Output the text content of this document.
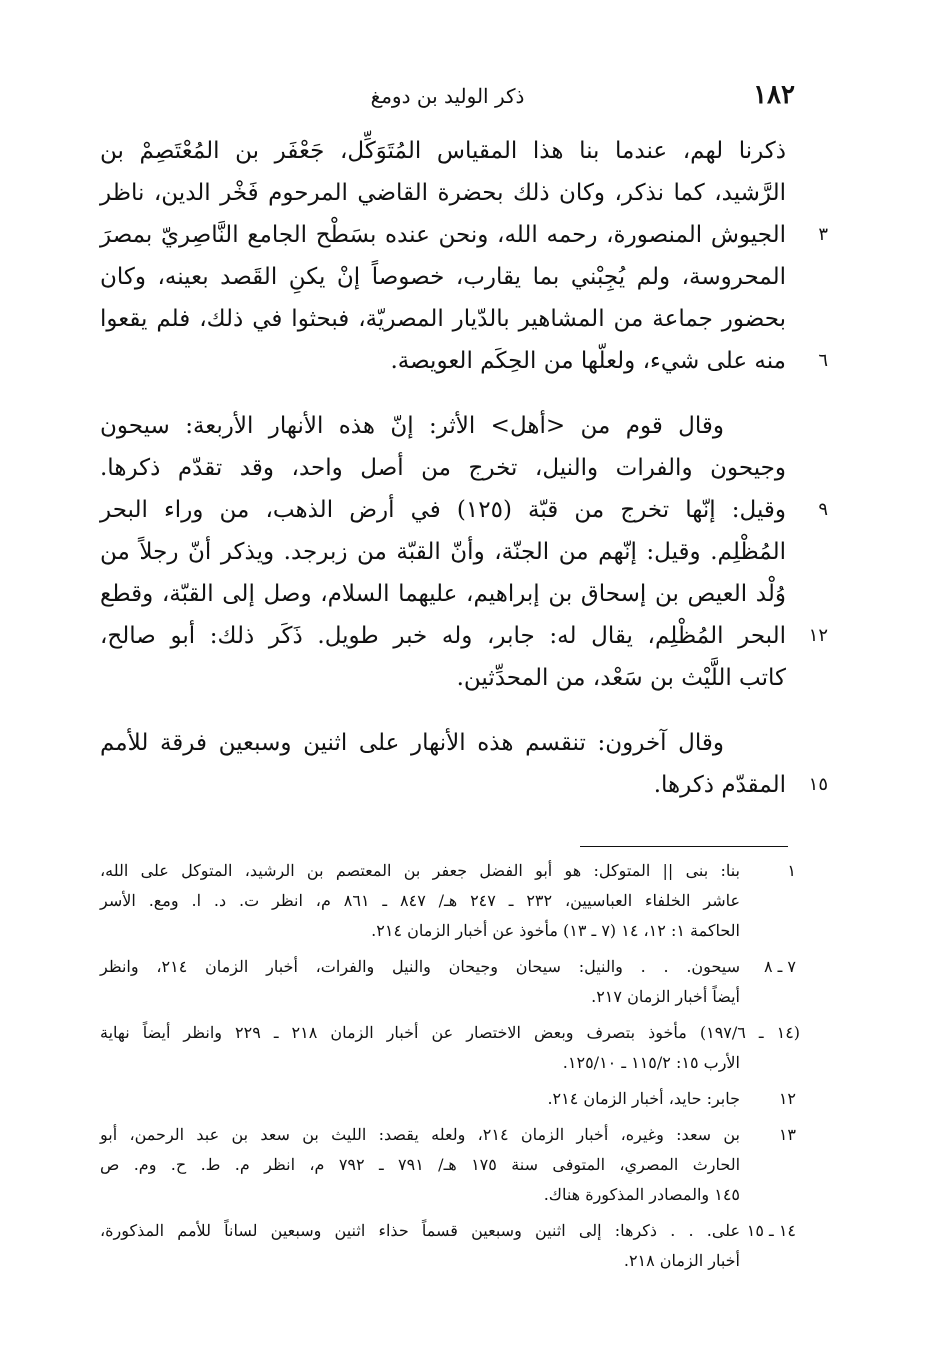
١٨٢
ذكر الوليد بن دومغ
ذكرنا لهم، عندما بنا هذا المقياس المُتَوَكِّل، جَعْفَر بن المُعْتَصِمْ بن
الرَّشيد، كما نذكر، وكان ذلك بحضرة القاضي المرحوم فَخْر الدين، ناظر
٣
الجيوش المنصورة، رحمه الله، ونحن عنده بسَطْح الجامع النَّاصِريّ بمصرَ
المحروسة، ولم يُجِبْني بما يقارب، خصوصاً إنْ يكنِ القَصد بعينه، وكان
بحضور جماعة من المشاهير بالدّيار المصريّة، فبحثوا في ذلك، فلم يقعوا
٦
منه على شيء، ولعلّها من الحِكَم العويصة.
وقال قوم من <أهل> الأثر: إنّ هذه الأنهار الأربعة: سيحون
وجيحون والفرات والنيل، تخرج من أصل واحد، وقد تقدّم ذكرها.
٩
وقيل: إنّها تخرج من قبّة (١٢٥) في أرض الذهب، من وراء البحر
المُظْلِم. وقيل: إنّهم من الجنّة، وأنّ القبّة من زبرجد. ويذكر أنّ رجلاً من
وُلْد العيص بن إسحاق بن إبراهيم، عليهما السلام، وصل إلى القبّة، وقطع
١٢
البحر المُظْلِم، يقال له: جابر، وله خبر طويل. ذَكَر ذلك: أبو صالح،
كاتب اللَّيْث بن سَعْد، من المحدِّثين.
وقال آخرون: تنقسم هذه الأنهار على اثنين وسبعين فرقة للأمم
١٥
المقدّم ذكرها.
١
بنا: بنى || المتوكل: هو أبو الفضل جعفر بن المعتصم بن الرشيد، المتوكل على الله،
عاشر الخلفاء العباسيين، ٢٣٢ ـ ٢٤٧ هـ/ ٨٤٧ ـ ٨٦١ م، انظر ت. د. ا. ومع. الأسر
الحاكمة ١: ١٢، ١٤ (٧ ـ ١٣) مأخوذ عن أخبار الزمان ٢١٤.
٧ ـ ٨
سيحون. . . والنيل: سيحان وجيحان والنيل والفرات، أخبار الزمان ٢١٤، وانظر
أيضاً أخبار الزمان ٢١٧.
(١٤ ـ ١٩٧/٦) مأخوذ بتصرف وبعض الاختصار عن أخبار الزمان ٢١٨ ـ ٢٢٩ وانظر أيضاً نهاية
الأرب ١٥: ١١٥/٢ ـ ١٢٥/١٠.
١٢
جابر: حايد، أخبار الزمان ٢١٤.
١٣
بن سعد: وغيره، أخبار الزمان ٢١٤، ولعله يقصد: الليث بن سعد بن عبد الرحمن، أبو
الحارث المصري، المتوفى سنة ١٧٥ هـ/ ٧٩١ ـ ٧٩٢ م، انظر م. ط. ح. وم. ص
١٤٥ والمصادر المذكورة هناك.
١٤ ـ ١٥
على. . . ذكرها: إلى اثنين وسبعين قسماً حذاء اثنين وسبعين لساناً للأمم المذكورة،
أخبار الزمان ٢١٨.
